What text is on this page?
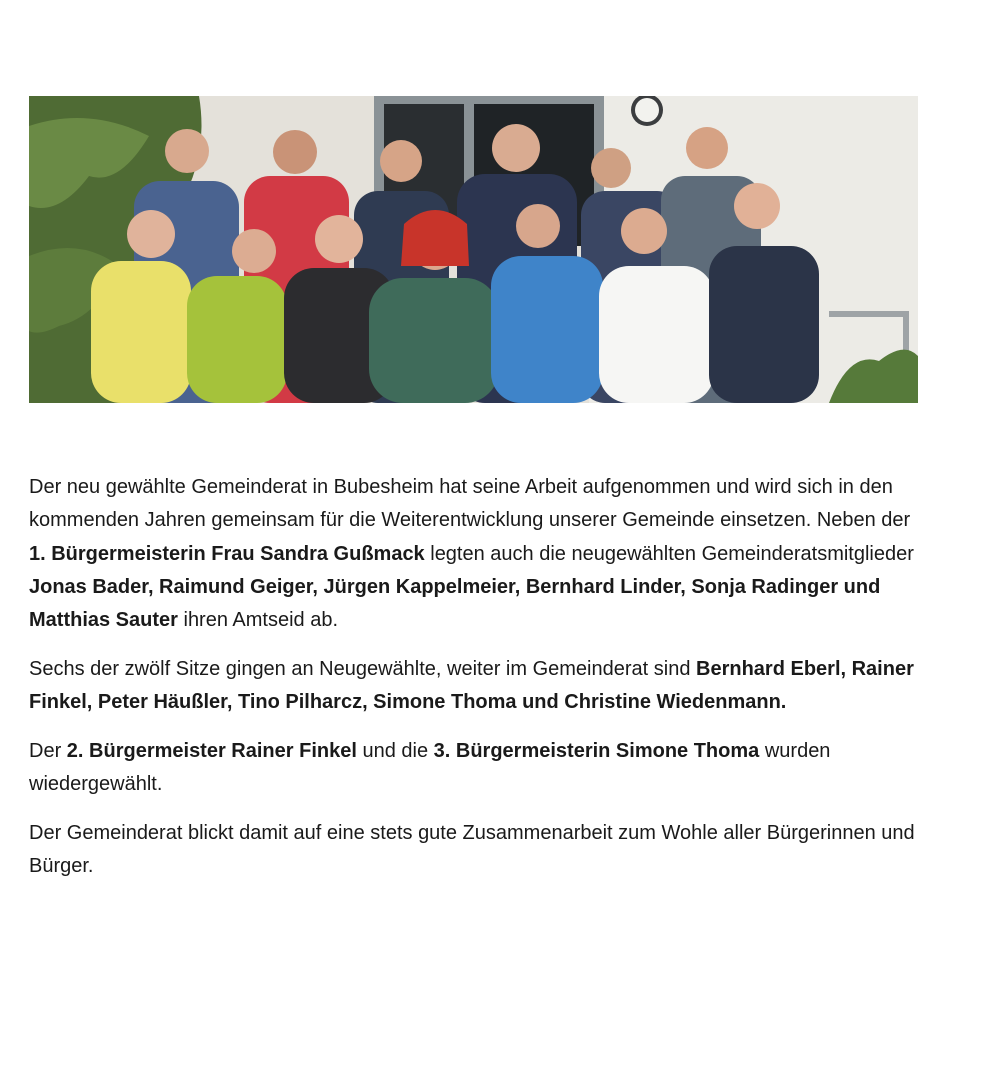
Der neu gewählte Gemeinderat in Bubesheim hat seine Arbeit aufgenommen und wird sich in den kommenden Jahren gemeinsam für die Weiterentwicklung unserer Gemeinde einsetzen. Neben der 1. Bürgermeisterin Frau Sandra Gußmack legten auch die neugewählten Gemeinderatsmitglieder Jonas Bader, Raimund Geiger, Jürgen Kappelmeier, Bernhard Linder, Sonja Radinger und Matthias Sauter ihren Amtseid ab.

Sechs der zwölf Sitze gingen an Neugewählte, weiter im Gemeinderat sind Bernhard Eberl, Rainer Finkel, Peter Häußler, Tino Pilharcz, Simone Thoma und Christine Wiedenmann.

Der 2. Bürgermeister Rainer Finkel und die 3. Bürgermeisterin Simone Thoma wurden wiedergewählt.

Der Gemeinderat blickt damit auf eine stets gute Zusammenarbeit zum Wohle aller Bürgerinnen und Bürger.
